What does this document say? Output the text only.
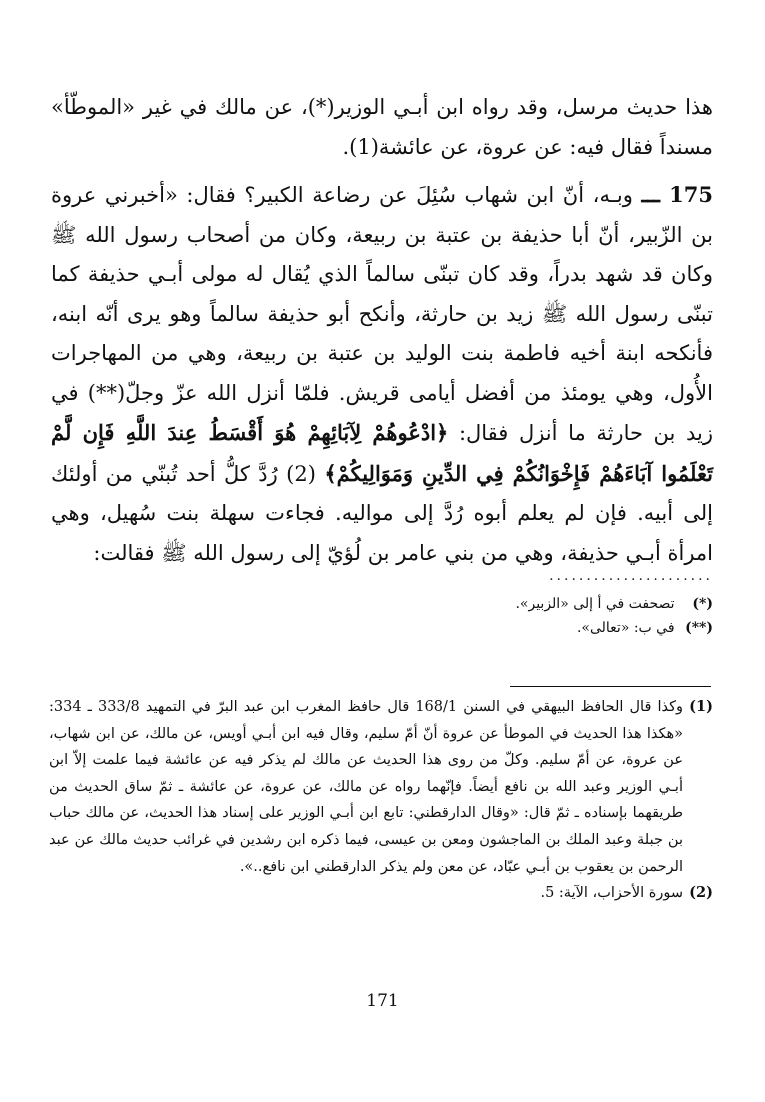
هذا حديث مرسل، وقد رواه ابن أبـي الوزير(*)، عن مالك في غير «الموطّأ» مسنداً فقال فيه: عن عروة، عن عائشة(1).

175 ـــ وبـه، أنّ ابن شهاب سُئِلَ عن رضاعة الكبير؟ فقال: «أخبرني عروة بن الزّبير، أنّ أبا حذيفة بن عتبة بن ربيعة، وكان من أصحاب رسول الله ﷺ وكان قد شهد بدراً، وقد كان تبنّى سالماً الذي يُقال له مولى أبـي حذيفة كما تبنّى رسول الله ﷺ زيد بن حارثة، وأنكح أبو حذيفة سالماً وهو يرى أنّه ابنه، فأنكحه ابنة أخيه فاطمة بنت الوليد بن عتبة بن ربيعة، وهي من المهاجرات الأُول، وهي يومئذ من أفضل أيامى قريش. فلمّا أنزل الله عزّ وجلّ(**) في زيد بن حارثة ما أنزل فقال: ﴿ادْعُوهُمْ لِآبَائِهِمْ هُوَ أَقْسَطُ عِندَ اللَّهِ فَإِن لَّمْ تَعْلَمُوا آبَاءَهُمْ فَإِخْوَانُكُمْ فِي الدِّينِ وَمَوَالِيكُمْ﴾ (2) رُدَّ كلُّ أحد تُبنّي من أولئك إلى أبيه. فإن لم يعلم أبوه رُدَّ إلى مواليه. فجاءت سهلة بنت سُهيل، وهي امرأة أبـي حذيفة، وهي من بني عامر بن لُؤيّ إلى رسول الله ﷺ فقالت:

......................
(*) تصحفت في أ إلى «الزبير».
(**) في ب: «تعالى».
(1)
وكذا قال الحافظ البيهقي في السنن 168/1 قال حافظ المغرب ابن عبد البرّ في التمهيد 333/8 ـ 334: «هكذا هذا الحديث في الموطأ عن عروة أنّ أمّ سليم، وقال فيه ابن أبـي أويس، عن مالك، عن ابن شهاب، عن عروة، عن أمّ سليم. وكلّ من روى هذا الحديث عن مالك لم يذكر فيه عن عائشة فيما علمت إلاّ ابن أبـي الوزير وعبد الله بن نافع أيضاً. فإنّهما رواه عن مالك، عن عروة، عن عائشة ـ ثمّ ساق الحديث من طريقهما بإسناده ـ ثمّ قال: «وقال الدارقطني: تابع ابن أبـي الوزير على إسناد هذا الحديث، عن مالك حباب بن جبلة وعبد الملك بن الماجشون ومعن بن عيسى، فيما ذكره ابن رشدين في غرائب حديث مالك عن عبد الرحمن بن يعقوب بن أبـي عبّاد، عن معن ولم يذكر الدارقطني ابن نافع..».
(2)
سورة الأحزاب، الآية: 5.
171
